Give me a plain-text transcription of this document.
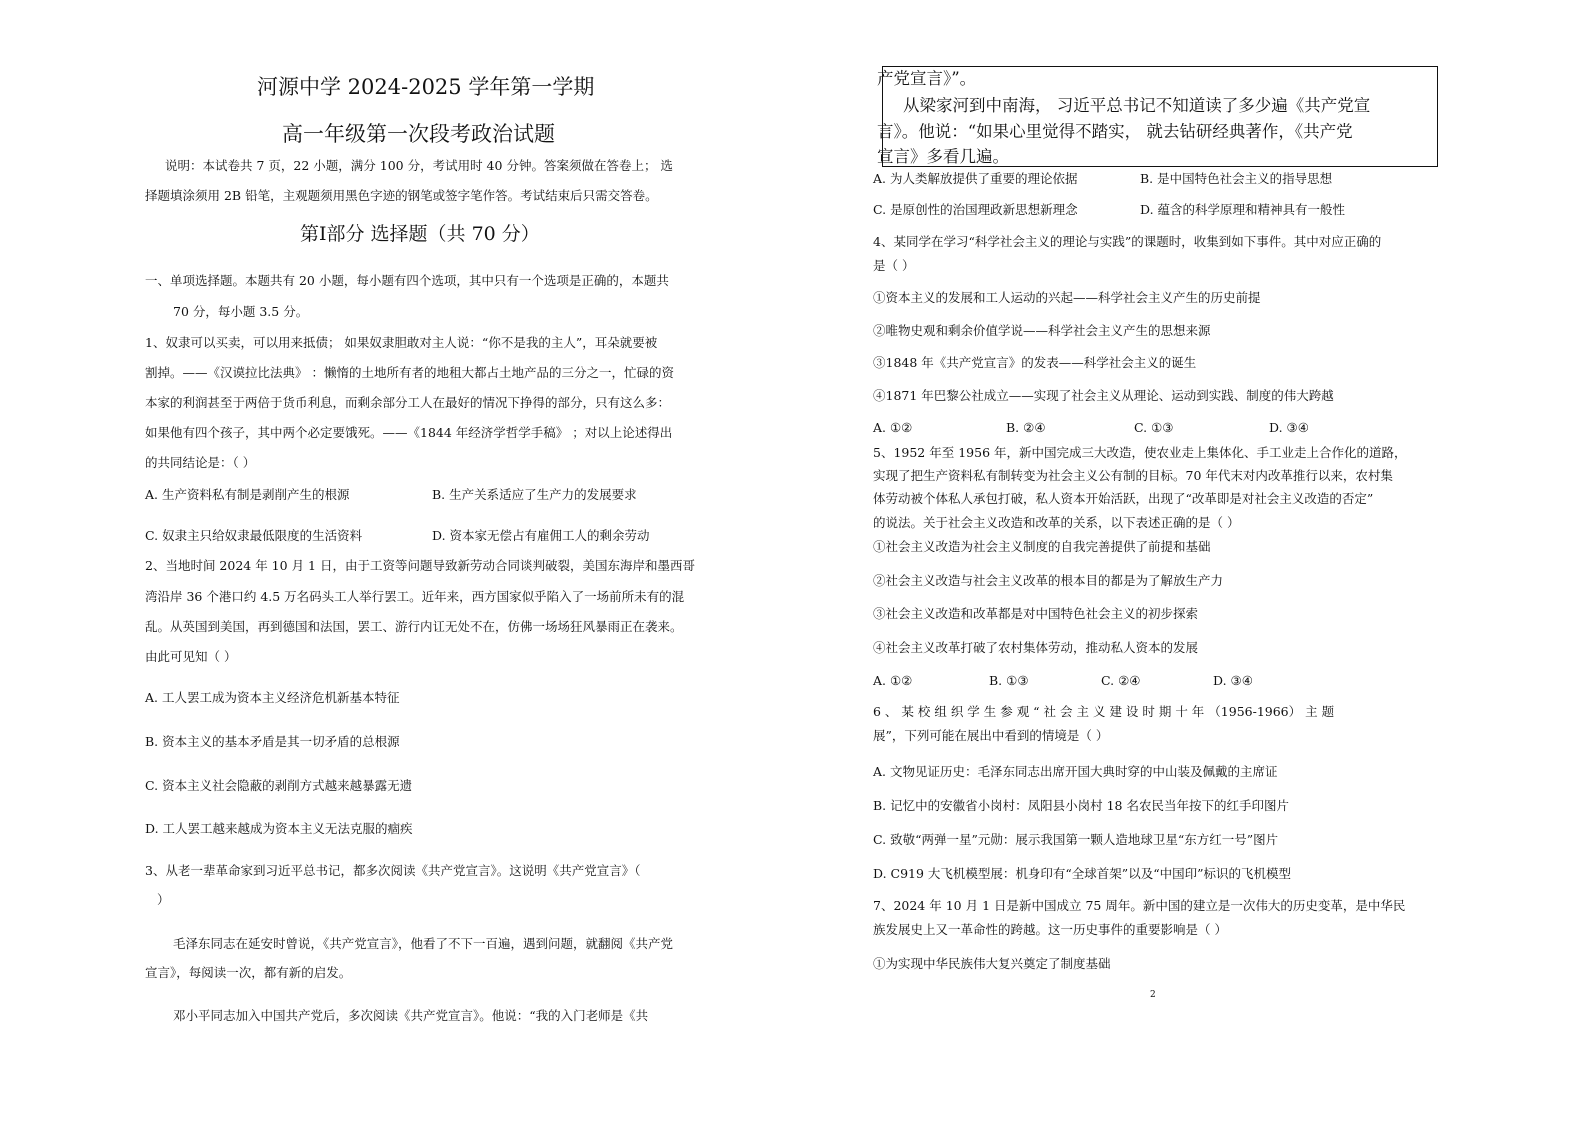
河源中学 2024-2025 学年第一学期
高一年级第一次段考政治试题
说明：本试卷共 7 页，22 小题，满分 100 分，考试用时 40 分钟。答案须做在答卷上； 选
择题填涂须用 2B 铅笔，主观题须用黑色字迹的钢笔或签字笔作答。考试结束后只需交答卷。
第Ⅰ部分 选择题（共 70 分）
一、单项选择题。本题共有 20 小题，每小题有四个选项，其中只有一个选项是正确的，本题共
70 分，每小题 3.5 分。
1、奴隶可以买卖，可以用来抵债； 如果奴隶胆敢对主人说：“你不是我的主人”，耳朵就要被
割掉。——《汉谟拉比法典》 ：懒惰的土地所有者的地租大都占土地产品的三分之一，忙碌的资
本家的利润甚至于两倍于货币利息，而剩余部分工人在最好的情况下挣得的部分，只有这么多：
如果他有四个孩子，其中两个必定要饿死。——《1844 年经济学哲学手稿》 ；对以上论述得出
的共同结论是：（ ）
A. 生产资料私有制是剥削产生的根源	B. 生产关系适应了生产力的发展要求
C. 奴隶主只给奴隶最低限度的生活资料	D. 资本家无偿占有雇佣工人的剩余劳动
2、当地时间 2024 年 10 月 1 日，由于工资等问题导致新劳动合同谈判破裂，美国东海岸和墨西哥
湾沿岸 36 个港口约 4.5 万名码头工人举行罢工。近年来，西方国家似乎陷入了一场前所未有的混
乱。从英国到美国，再到德国和法国，罢工、游行内讧无处不在，仿佛一场场狂风暴雨正在袭来。
由此可见知（ ）
A. 工人罢工成为资本主义经济危机新基本特征
B. 资本主义的基本矛盾是其一切矛盾的总根源
C. 资本主义社会隐蔽的剥削方式越来越暴露无遗
D. 工人罢工越来越成为资本主义无法克服的痼疾
3、从老一辈革命家到习近平总书记，都多次阅读《共产党宣言》。这说明《共产党宣言》（
）
毛泽东同志在延安时曾说，《共产党宣言》，他看了不下一百遍，遇到问题，就翻阅《共产党
宣言》，每阅读一次，都有新的启发。
邓小平同志加入中国共产党后，多次阅读《共产党宣言》。他说：“我的入门老师是《共
产党宣言》”。
从梁家河到中南海， 习近平总书记不知道读了多少遍《共产党宣
言》。他说：“如果心里觉得不踏实， 就去钻研经典著作，《共产党
宣言》多看几遍。
A. 为人类解放提供了重要的理论依据	B. 是中国特色社会主义的指导思想
C. 是原创性的治国理政新思想新理念	D. 蕴含的科学原理和精神具有一般性
4、某同学在学习“科学社会主义的理论与实践”的课题时，收集到如下事件。其中对应正确的
是（ ）
①资本主义的发展和工人运动的兴起——科学社会主义产生的历史前提
②唯物史观和剩余价值学说——科学社会主义产生的思想来源
③1848 年《共产党宣言》的发表——科学社会主义的诞生
④1871 年巴黎公社成立——实现了社会主义从理论、运动到实践、制度的伟大跨越
A. ①②	B. ②④	C. ①③	D. ③④
5、1952 年至 1956 年，新中国完成三大改造，使农业走上集体化、手工业走上合作化的道路，
实现了把生产资料私有制转变为社会主义公有制的目标。70 年代末对内改革推行以来，农村集
体劳动被个体私人承包打破，私人资本开始活跃，出现了“改革即是对社会主义改造的否定”
的说法。关于社会主义改造和改革的关系，以下表述正确的是（ ）
①社会主义改造为社会主义制度的自我完善提供了前提和基础
②社会主义改造与社会主义改革的根本目的都是为了解放生产力
③社会主义改造和改革都是对中国特色社会主义的初步探索
④社会主义改革打破了农村集体劳动，推动私人资本的发展
A. ①②	B. ①③	C. ②④	D. ③④
6 、 某 校 组 织 学 生 参 观 “ 社 会 主 义 建 设 时 期 十 年 （1956-1966） 主 题
展”，下列可能在展出中看到的情境是（ ）
A. 文物见证历史：毛泽东同志出席开国大典时穿的中山装及佩戴的主席证
B. 记忆中的安徽省小岗村：凤阳县小岗村 18 名农民当年按下的红手印图片
C. 致敬“两弹一星”元勋：展示我国第一颗人造地球卫星“东方红一号”图片
D. C919 大飞机模型展：机身印有“全球首架”以及“中国印”标识的飞机模型
7、2024 年 10 月 1 日是新中国成立 75 周年。新中国的建立是一次伟大的历史变革，是中华民
族发展史上又一革命性的跨越。这一历史事件的重要影响是（ ）
①为实现中华民族伟大复兴奠定了制度基础
2
